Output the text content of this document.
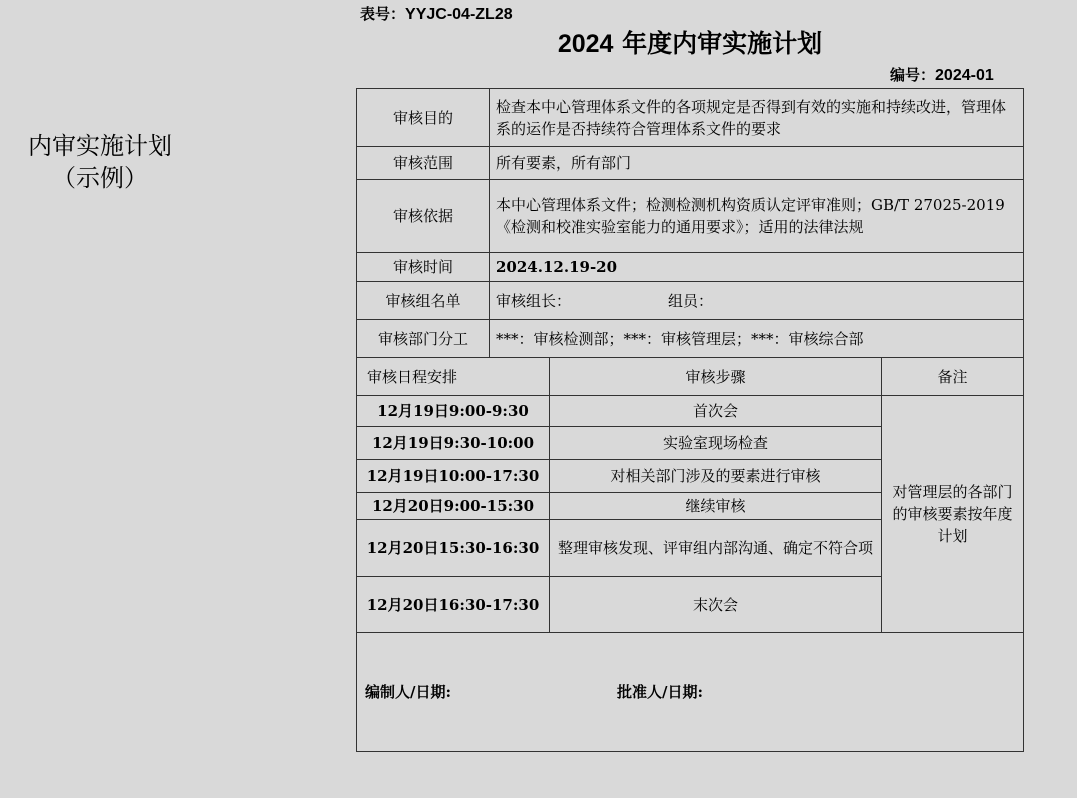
内审实施计划
（示例）
表号：YYJC-04-ZL28
2024 年度内审实施计划
编号：2024-01
审核目的	检查本中心管理体系文件的各项规定是否得到有效的实施和持续改进，管理体系的运作是否持续符合管理体系文件的要求		
审核范围	所有要素，所有部门		
审核依据	本中心管理体系文件；检测检测机构资质认定评审准则；GB/T 27025-2019《检测和校准实验室能力的通用要求》；适用的法律法规		
审核时间	2024.12.19-20		
审核组名单	审核组长： 组员：		
审核部门分工	***：审核检测部；***：审核管理层；***：审核综合部		
审核日程安排		审核步骤	备注
12月19日9:00-9:30		首次会	对管理层的各部门的审核要素按年度计划
12月19日9:30-10:00		实验室现场检查	
12月19日10:00-17:30		对相关部门涉及的要素进行审核	
12月20日9:00-15:30		继续审核	
12月20日15:30-16:30		整理审核发现、评审组内部沟通、确定不符合项	
12月20日16:30-17:30		末次会	
编制人/日期: 批准人/日期:			
